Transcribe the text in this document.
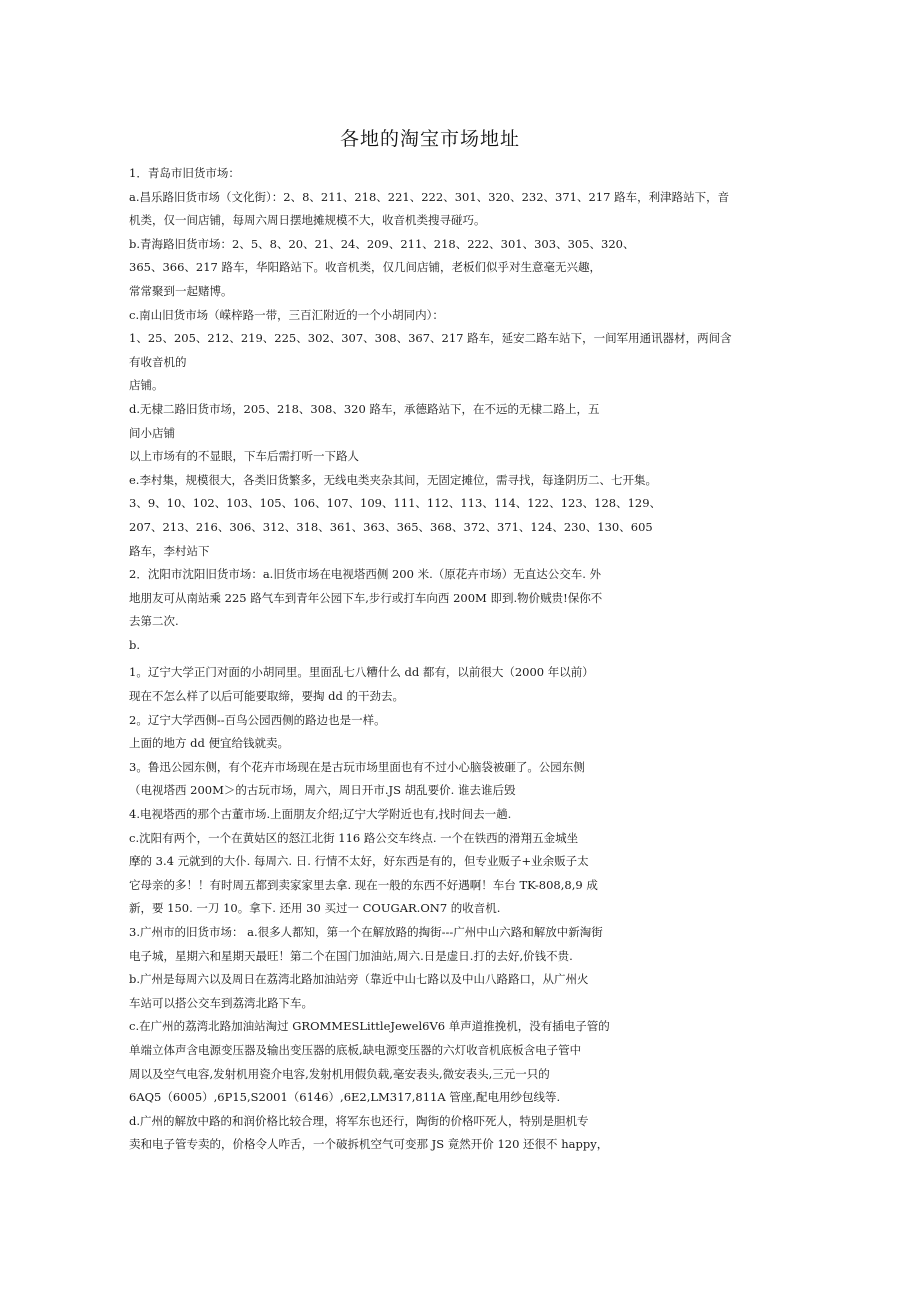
各地的淘宝市场地址
1．青岛市旧货市场：
a.昌乐路旧货市场（文化街）：2、8、211、218、221、222、301、320、232、371、217 路车，利津路站下，音
机类，仅一间店铺，每周六周日摆地摊规模不大，收音机类搜寻碰巧。
b.青海路旧货市场：2、5、8、20、21、24、209、211、218、222、301、303、305、320、
365、366、217 路车，华阳路站下。收音机类，仅几间店铺，老板们似乎对生意毫无兴趣，
常常聚到一起赌博。
c.南山旧货市场（嵘梓路一带，三百汇附近的一个小胡同内）：
1、25、205、212、219、225、302、307、308、367、217 路车，延安二路车站下，一间军用通讯器材，两间含
有收音机的
店铺。
d.无棣二路旧货市场，205、218、308、320 路车，承德路站下，在不远的无棣二路上，五
间小店铺
以上市场有的不显眼，下车后需打听一下路人
e.李村集，规模很大，各类旧货繁多，无线电类夹杂其间，无固定摊位，需寻找，每逢阴历二、七开集。
3、9、10、102、103、105、106、107、109、111、112、113、114、122、123、128、129、
207、213、216、306、312、318、361、363、365、368、372、371、124、230、130、605
路车，李村站下
2．沈阳市沈阳旧货市场：a.旧货市场在电视塔西侧 200 米.（原花卉市场）无直达公交车. 外
地朋友可从南站乘 225 路气车到青年公园下车,步行或打车向西 200M 即到.物价贼贵!保你不
去第二次.
b.
1。辽宁大学正门对面的小胡同里。里面乱七八糟什么 dd 都有，以前很大（2000 年以前）
现在不怎么样了以后可能要取缔，要掏 dd 的干劲去。
2。辽宁大学西侧--百鸟公园西侧的路边也是一样。
上面的地方 dd 便宜给钱就卖。
3。鲁迅公园东侧，有个花卉市场现在是古玩市场里面也有不过小心脑袋被砸了。公园东侧
（电视塔西 200M＞的古玩市场，周六，周日开市.JS 胡乱要价. 谁去谁后毁
4.电视塔西的那个古董市场.上面朋友介绍;辽宁大学附近也有,找时间去一趟.
c.沈阳有两个，一个在黄姑区的怒江北街 116 路公交车终点. 一个在铁西的滑翔五金城坐
摩的 3.4 元就到的大仆. 每周六. 日. 行情不太好，好东西是有的，但专业贩子+业余贩子太
它母亲的多！！有时周五都到卖家家里去拿. 现在一般的东西不好遇啊！车台 TK-808,8,9 成
新，要 150. 一刀 10。拿下. 还用 30 买过一 COUGAR.ON7 的收音机.
3.广州市的旧货市场： a.很多人都知，第一个在解放路的掏街---广州中山六路和解放中新淘街
电子城，星期六和星期天最旺！第二个在国门加油站,周六.日是虚日.打的去好,价钱不贵.
b.广州是每周六以及周日在荔湾北路加油站旁（靠近中山七路以及中山八路路口，从广州火
车站可以搭公交车到荔湾北路下车。
c.在广州的荔湾北路加油站淘过 GROMMESLittleJewel6V6 单声道推挽机，没有插电子管的
单端立体声含电源变压器及输出变压器的底板,缺电源变压器的六灯收音机底板含电子管中
周以及空气电容,发射机用瓷介电容,发射机用假负载,毫安表头,微安表头,三元一只的
6AQ5（6005）,6P15,S2001（6146）,6E2,LM317,811A 管座,配电用纱包线等.
d.广州的解放中路的和润价格比较合理，将军东也还行，陶街的价格吓死人，特别是胆机专
卖和电子管专卖的，价格令人咋舌，一个破拆机空气可变那 JS 竟然开价 120 还很不 happy，
